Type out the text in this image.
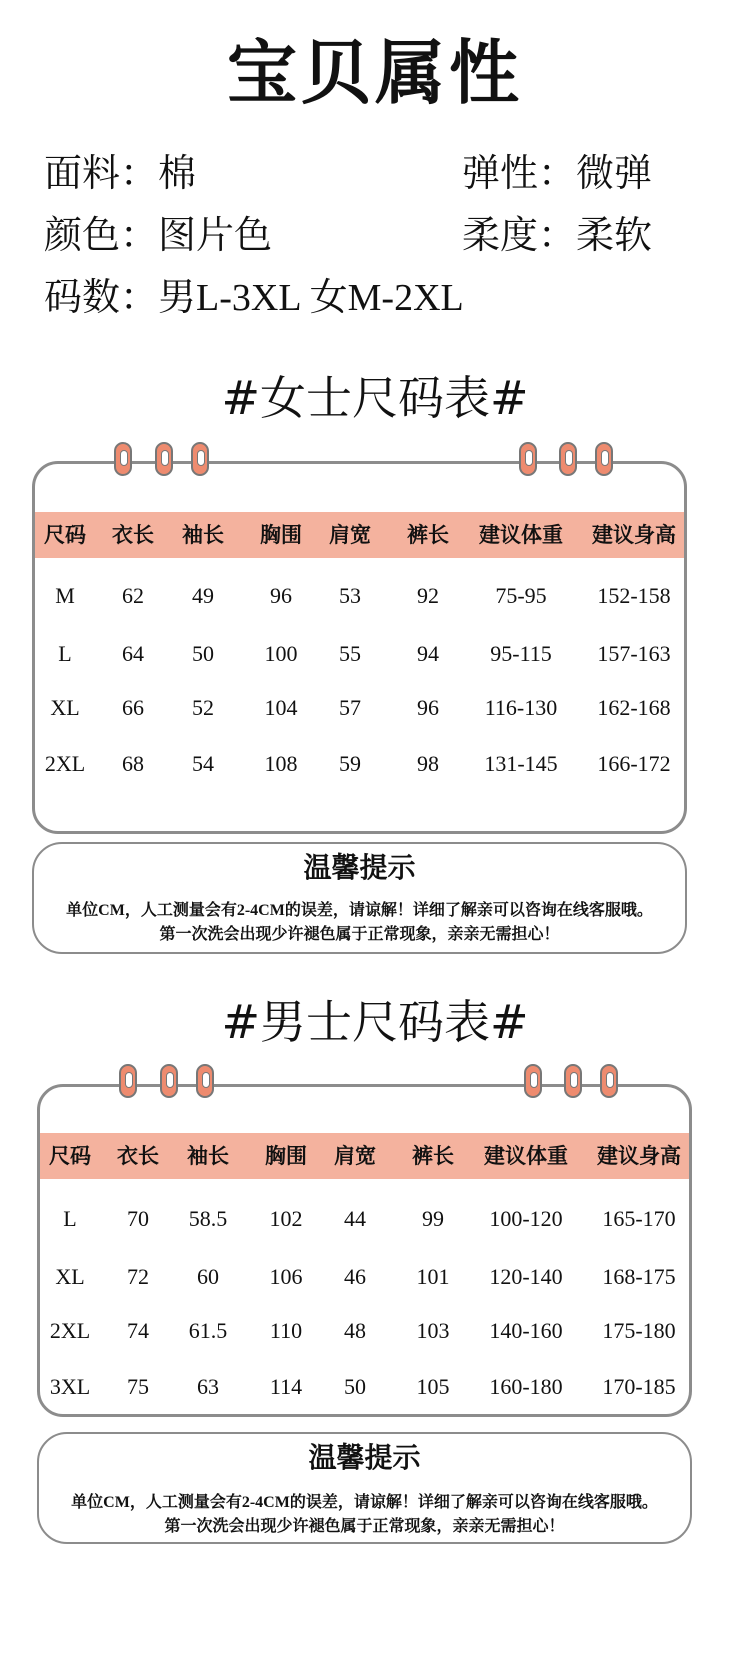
宝贝属性
面料：棉	弹性：微弹
颜色：图片色	柔度：柔软
码数：男L-3XL 女M-2XL
#女士尺码表#
尺码 衣长 袖长 胸围 肩宽 裤长 建议体重 建议身高
M 62 49	96 53	92	75-95 152-158
L 64 50 100 55	94 95-115 157-163
XL 66 52 104 57	96 116-130 162-168
2XL 68 54 108 59	98 131-145 166-172
温馨提示
单位CM，人工测量会有2-4CM的误差，请谅解！详细了解亲可以咨询在线客服哦。
第一次洗会出现少许褪色属于正常现象，亲亲无需担心！
#男士尺码表#
尺码 衣长 袖长 胸围 肩宽 裤长 建议体重 建议身高
L 70 58.5 102 44	99 100-120 165-170
XL 72 60 106 46 101 120-140 168-175
2XL 74 61.5 110 48 103 140-160 175-180
3XL 75 63 114 50 105 160-180 170-185
温馨提示
单位CM，人工测量会有2-4CM的误差，请谅解！详细了解亲可以咨询在线客服哦。
第一次洗会出现少许褪色属于正常现象，亲亲无需担心！
